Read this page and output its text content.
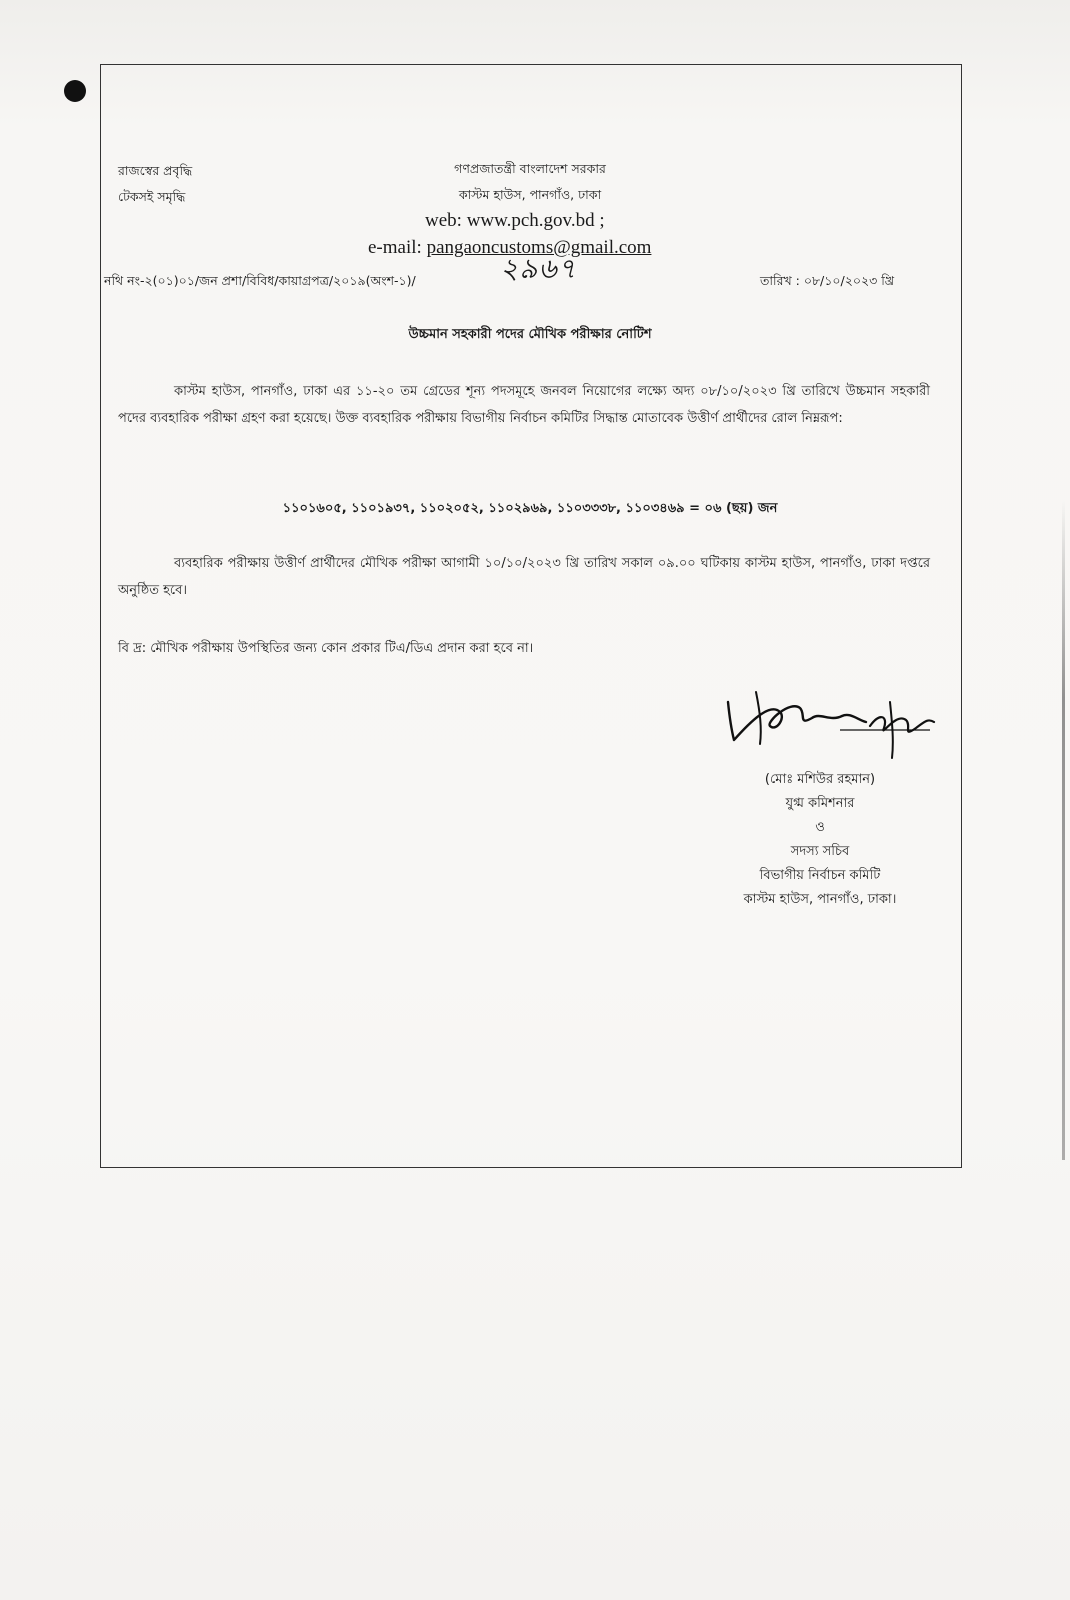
রাজস্বের প্রবৃদ্ধি
টেকসই সমৃদ্ধি
গণপ্রজাতন্ত্রী বাংলাদেশ সরকার
কাস্টম হাউস, পানগাঁও, ঢাকা
web: www.pch.gov.bd ;
e-mail: pangaoncustoms@gmail.com
নথি নং-২(০১)০১/জন প্রশা/বিবিধ/কায়াগ্রপত্র/২০১৯(অংশ-১)/	২৯৬৭	তারিখ : ০৮/১০/২০২৩ খ্রি
উচ্চমান সহকারী পদের মৌখিক পরীক্ষার নোটিশ
কাস্টম হাউস, পানগাঁও, ঢাকা এর ১১-২০ তম গ্রেডের শূন্য পদসমূহে জনবল নিয়োগের লক্ষ্যে অদ্য ০৮/১০/২০২৩ খ্রি তারিখে উচ্চমান সহকারী পদের ব্যবহারিক পরীক্ষা গ্রহণ করা হয়েছে। উক্ত ব্যবহারিক পরীক্ষায় বিভাগীয় নির্বাচন কমিটির সিদ্ধান্ত মোতাবেক উত্তীর্ণ প্রার্থীদের রোল নিম্নরূপ:
১১০১৬০৫, ১১০১৯৩৭, ১১০২০৫২, ১১০২৯৬৯, ১১০৩৩৩৮, ১১০৩৪৬৯ = ০৬ (ছয়) জন
ব্যবহারিক পরীক্ষায় উত্তীর্ণ প্রার্থীদের মৌখিক পরীক্ষা আগামী ১০/১০/২০২৩ খ্রি তারিখ সকাল ০৯.০০ ঘটিকায় কাস্টম হাউস, পানগাঁও, ঢাকা দপ্তরে অনুষ্ঠিত হবে।
বি দ্র: মৌখিক পরীক্ষায় উপস্থিতির জন্য কোন প্রকার টিএ/ডিএ প্রদান করা হবে না।
(মোঃ মশিউর রহমান)
যুগ্ম কমিশনার
ও
সদস্য সচিব
বিভাগীয় নির্বাচন কমিটি
কাস্টম হাউস, পানগাঁও, ঢাকা।
